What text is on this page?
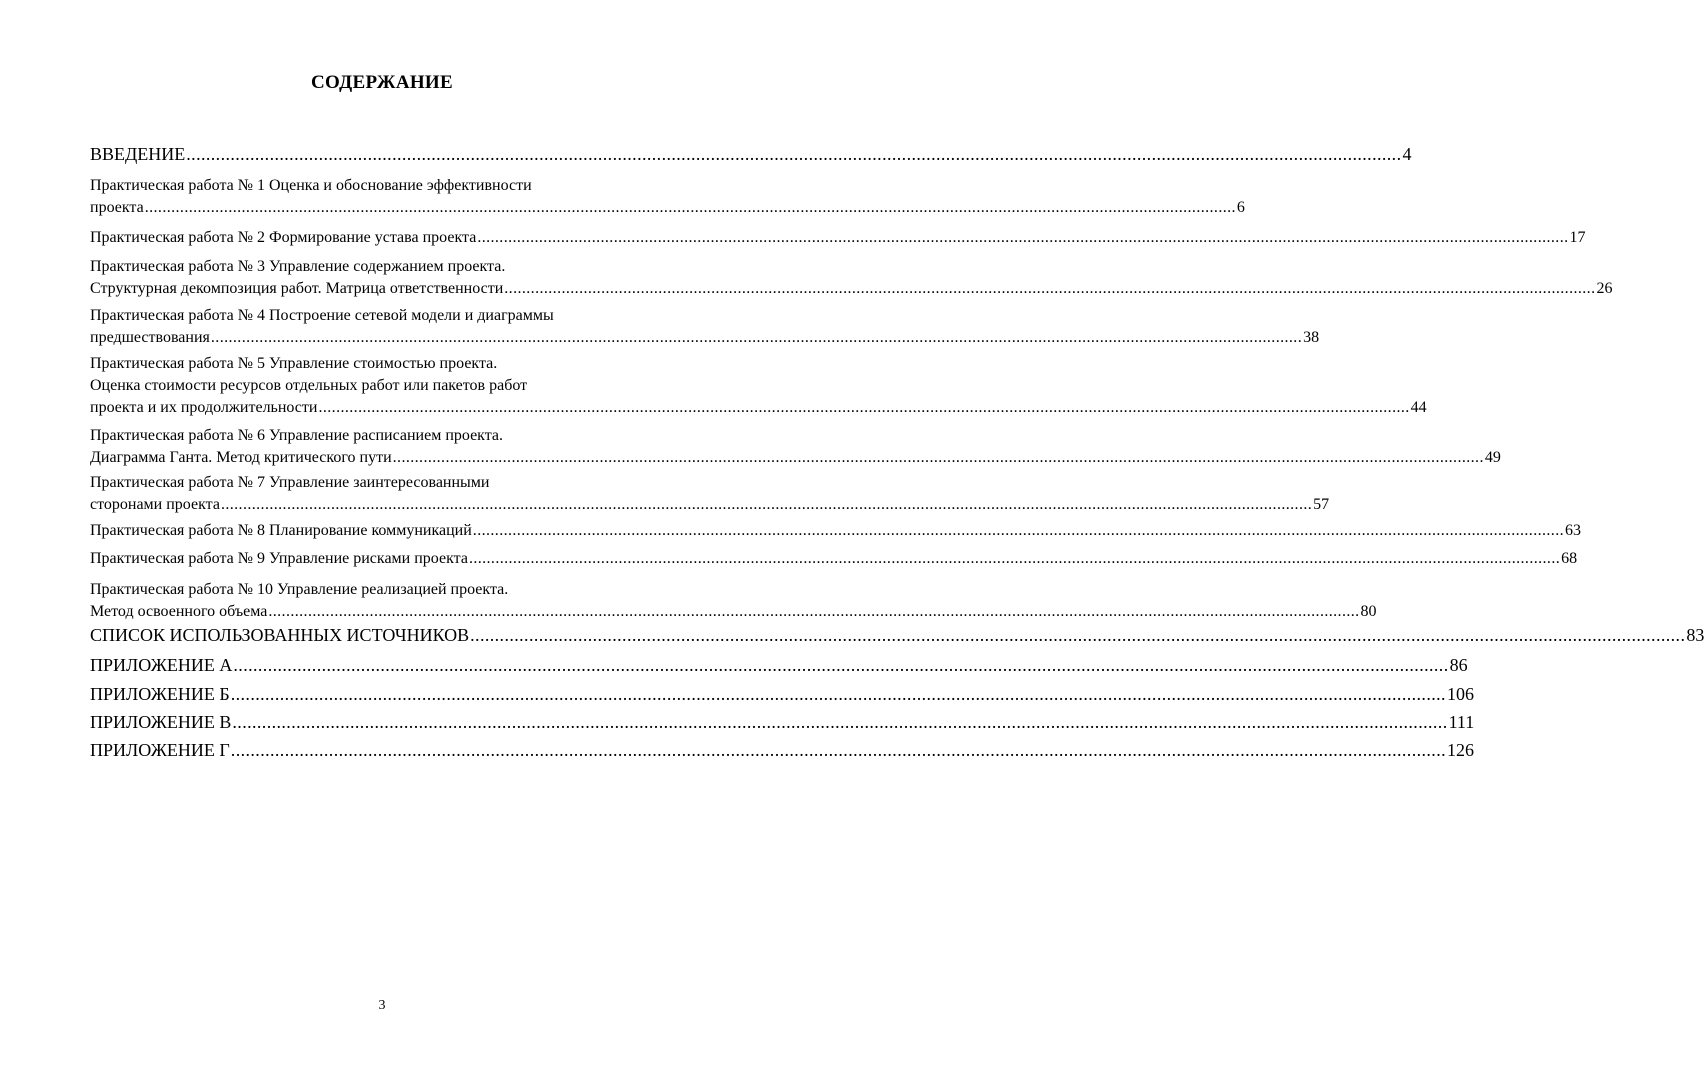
СОДЕРЖАНИЕ
ВВЕДЕНИЕ ........................................................................................................................................................................................................................................................ 4
Практическая работа № 1 Оценка и обоснование эффективности
проекта ........................................................................................................................................................................................................................................................ 6
Практическая работа № 2 Формирование устава проекта ........................................................................................................................................................................................................................................................ 17
Практическая работа № 3 Управление содержанием проекта.
Структурная декомпозиция работ. Матрица ответственности ........................................................................................................................................................................................................................................................ 26
Практическая работа № 4 Построение сетевой модели и диаграммы
предшествования ........................................................................................................................................................................................................................................................ 38
Практическая работа № 5 Управление стоимостью проекта.
Оценка стоимости ресурсов отдельных работ или пакетов работ
проекта и их продолжительности ........................................................................................................................................................................................................................................................ 44
Практическая работа № 6 Управление расписанием проекта.
Диаграмма Ганта. Метод критического пути ........................................................................................................................................................................................................................................................ 49
Практическая работа № 7 Управление заинтересованными
сторонами проекта ........................................................................................................................................................................................................................................................ 57
Практическая работа № 8 Планирование коммуникаций ........................................................................................................................................................................................................................................................ 63
Практическая работа № 9 Управление рисками проекта ........................................................................................................................................................................................................................................................ 68
Практическая работа № 10 Управление реализацией проекта.
Метод освоенного объема ........................................................................................................................................................................................................................................................ 80
СПИСОК ИСПОЛЬЗОВАННЫХ ИСТОЧНИКОВ ........................................................................................................................................................................................................................................................ 83
ПРИЛОЖЕНИЕ А ........................................................................................................................................................................................................................................................ 86
ПРИЛОЖЕНИЕ Б ........................................................................................................................................................................................................................................................ 106
ПРИЛОЖЕНИЕ В ........................................................................................................................................................................................................................................................ 111
ПРИЛОЖЕНИЕ Г ........................................................................................................................................................................................................................................................ 126
3
